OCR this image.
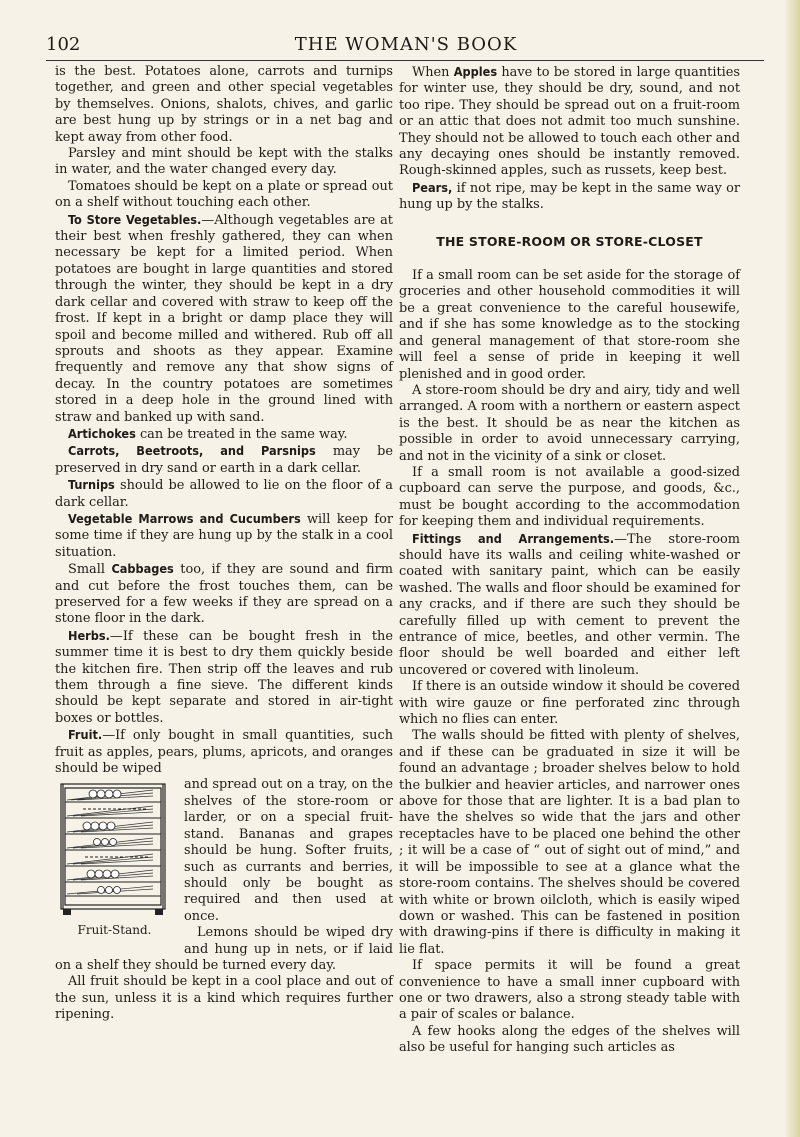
THE WOMAN'S BOOK
102

is the best. Potatoes alone, carrots and turnips together, and green and other special vegetables by themselves. Onions, shalots, chives, and garlic are best hung up by strings or in a net bag and kept away from other food.

Parsley and mint should be kept with the stalks in water, and the water changed every day.

Tomatoes should be kept on a plate or spread out on a shelf without touching each other.

To Store Vegetables.—Although vegetables are at their best when freshly gathered, they can when necessary be kept for a limited period. When potatoes are bought in large quantities and stored through the winter, they should be kept in a dry dark cellar and covered with straw to keep off the frost. If kept in a bright or damp place they will spoil and become milled and withered. Rub off all sprouts and shoots as they appear. Examine frequently and remove any that show signs of decay. In the country potatoes are sometimes stored in a deep hole in the ground lined with straw and banked up with sand.

Artichokes can be treated in the same way.

Carrots, Beetroots, and Parsnips may be preserved in dry sand or earth in a dark cellar.

Turnips should be allowed to lie on the floor of a dark cellar.

Vegetable Marrows and Cucumbers will keep for some time if they are hung up by the stalk in a cool situation.

Small Cabbages too, if they are sound and firm and cut before the frost touches them, can be preserved for a few weeks if they are spread on a stone floor in the dark.

Herbs.—If these can be bought fresh in the summer time it is best to dry them quickly beside the kitchen fire. Then strip off the leaves and rub them through a fine sieve. The different kinds should be kept separate and stored in air-tight boxes or bottles.

Fruit.—If only bought in small quantities, such fruit as apples, pears, plums, apricots, and oranges should be wiped

Fruit-Stand.

and spread out on a tray, on the shelves of the store-room or larder, or on a special fruit-stand. Bananas and grapes should be hung. Softer fruits, such as currants and berries, should only be bought as required and then used at once.

Lemons should be wiped dry and hung up in nets, or if laid on a shelf they should be turned every day.

All fruit should be kept in a cool place and out of the sun, unless it is a kind which requires further ripening.

When Apples have to be stored in large quantities for winter use, they should be dry, sound, and not too ripe. They should be spread out on a fruit-room or an attic that does not admit too much sunshine. They should not be allowed to touch each other and any decaying ones should be instantly removed. Rough-skinned apples, such as russets, keep best.

Pears, if not ripe, may be kept in the same way or hung up by the stalks.

THE STORE-ROOM OR STORE-CLOSET

If a small room can be set aside for the storage of groceries and other household commodities it will be a great convenience to the careful housewife, and if she has some knowledge as to the stocking and general management of that store-room she will feel a sense of pride in keeping it well plenished and in good order.

A store-room should be dry and airy, tidy and well arranged. A room with a northern or eastern aspect is the best. It should be as near the kitchen as possible in order to avoid unnecessary carrying, and not in the vicinity of a sink or closet.

If a small room is not available a good-sized cupboard can serve the purpose, and goods, &c., must be bought according to the accommodation for keeping them and individual requirements.

Fittings and Arrangements.—The store-room should have its walls and ceiling white-washed or coated with sanitary paint, which can be easily washed. The walls and floor should be examined for any cracks, and if there are such they should be carefully filled up with cement to prevent the entrance of mice, beetles, and other vermin. The floor should be well boarded and either left uncovered or covered with linoleum.

If there is an outside window it should be covered with wire gauze or fine perforated zinc through which no flies can enter.

The walls should be fitted with plenty of shelves, and if these can be graduated in size it will be found an advantage ; broader shelves below to hold the bulkier and heavier articles, and narrower ones above for those that are lighter. It is a bad plan to have the shelves so wide that the jars and other receptacles have to be placed one behind the other ; it will be a case of “ out of sight out of mind,” and it will be impossible to see at a glance what the store-room contains. The shelves should be covered with white or brown oilcloth, which is easily wiped down or washed. This can be fastened in position with drawing-pins if there is difficulty in making it lie flat.

If space permits it will be found a great convenience to have a small inner cupboard with one or two drawers, also a strong steady table with a pair of scales or balance.

A few hooks along the edges of the shelves will also be useful for hanging such articles as
